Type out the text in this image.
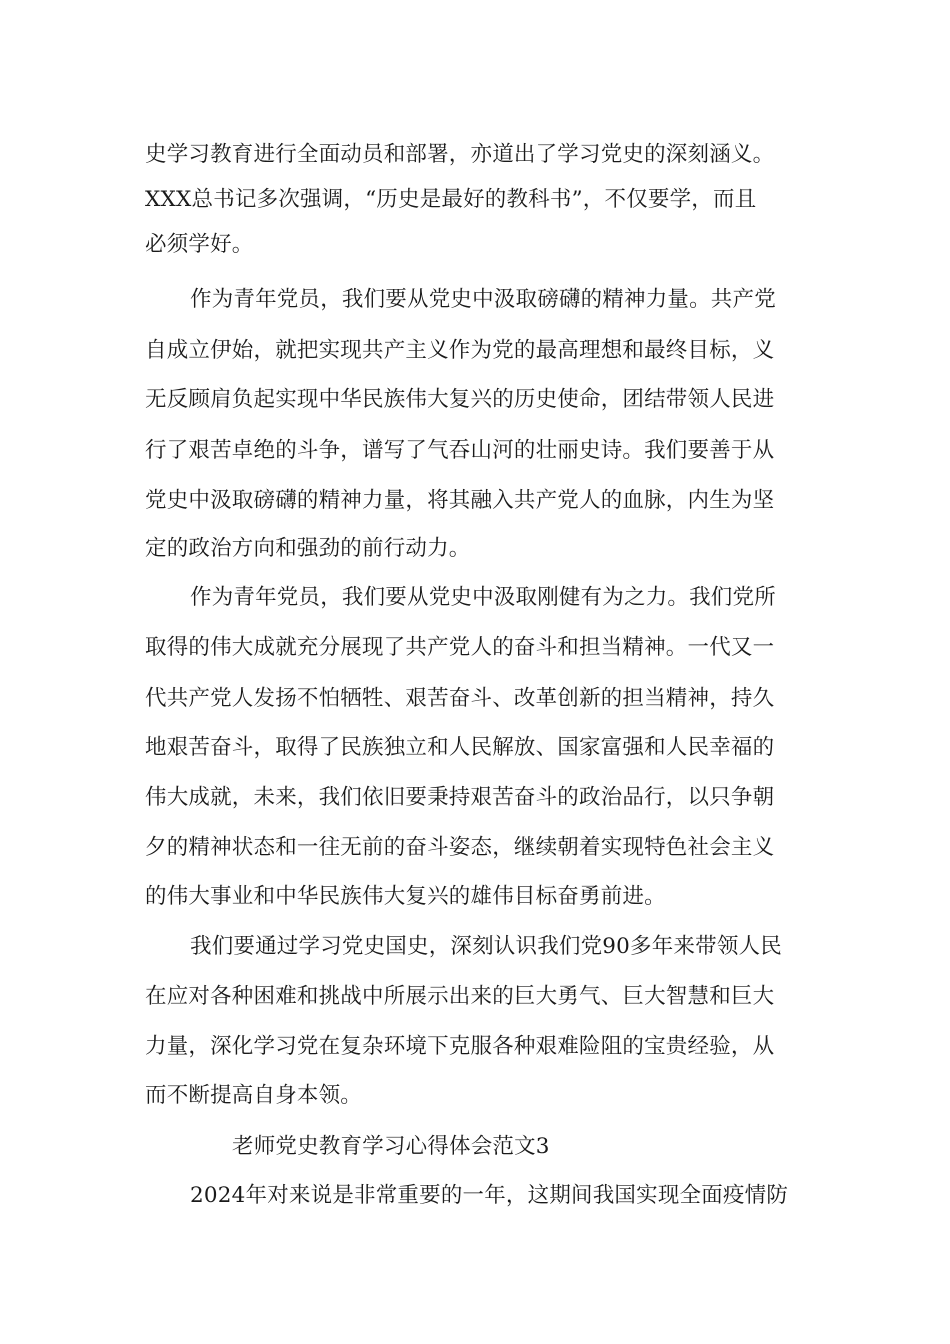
史学习教育进行全面动员和部署，亦道出了学习党史的深刻涵义。
XXX总书记多次强调，“历史是最好的教科书”，不仅要学，而且
必须学好。
作为青年党员，我们要从党史中汲取磅礴的精神力量。共产党
自成立伊始，就把实现共产主义作为党的最高理想和最终目标，义
无反顾肩负起实现中华民族伟大复兴的历史使命，团结带领人民进
行了艰苦卓绝的斗争，谱写了气吞山河的壮丽史诗。我们要善于从
党史中汲取磅礴的精神力量，将其融入共产党人的血脉，内生为坚
定的政治方向和强劲的前行动力。
作为青年党员，我们要从党史中汲取刚健有为之力。我们党所
取得的伟大成就充分展现了共产党人的奋斗和担当精神。一代又一
代共产党人发扬不怕牺牲、艰苦奋斗、改革创新的担当精神，持久
地艰苦奋斗，取得了民族独立和人民解放、国家富强和人民幸福的
伟大成就，未来，我们依旧要秉持艰苦奋斗的政治品行，以只争朝
夕的精神状态和一往无前的奋斗姿态，继续朝着实现特色社会主义
的伟大事业和中华民族伟大复兴的雄伟目标奋勇前进。
我们要通过学习党史国史，深刻认识我们党90多年来带领人民
在应对各种困难和挑战中所展示出来的巨大勇气、巨大智慧和巨大
力量，深化学习党在复杂环境下克服各种艰难险阻的宝贵经验，从
而不断提高自身本领。
老师党史教育学习心得体会范文3
2024年对来说是非常重要的一年，这期间我国实现全面疫情防
